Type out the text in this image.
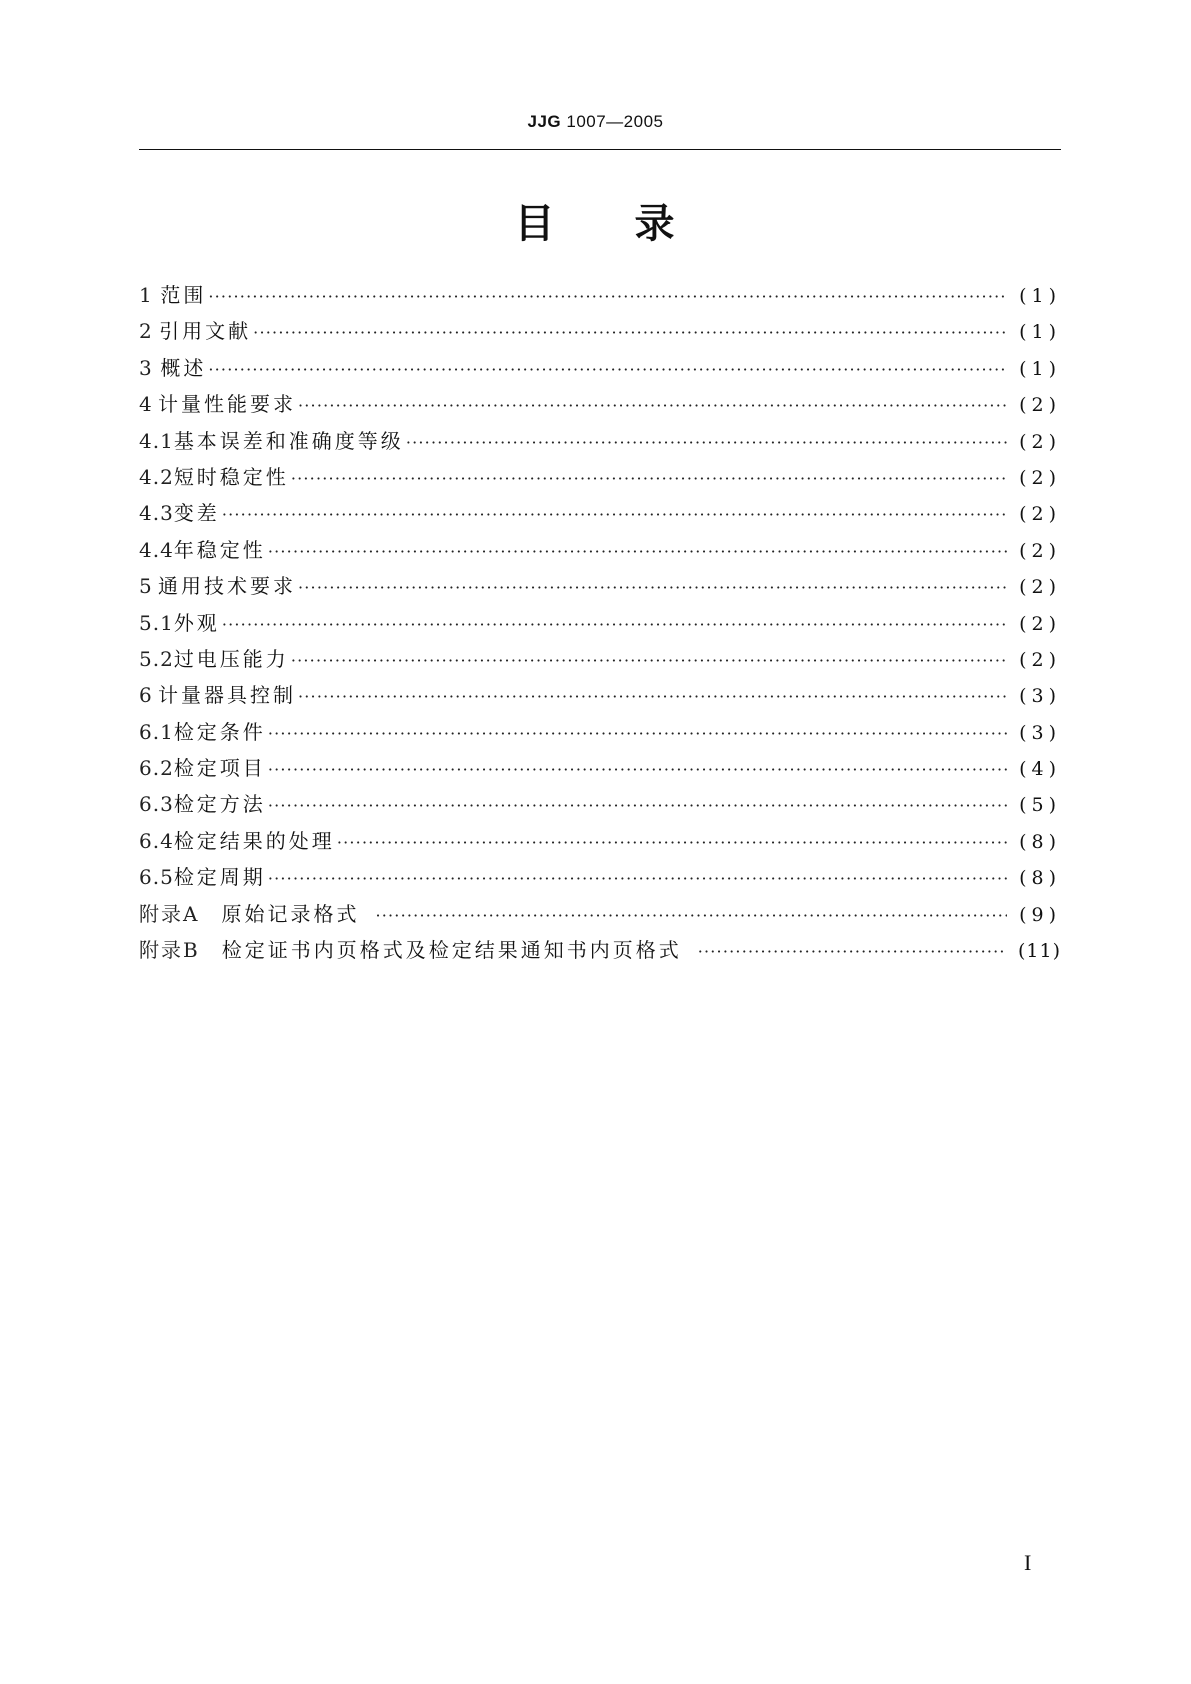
JJG 1007—2005
目 录
1 范围 ·····	(1)
2 引用文献 ·····	(1)
3 概述 ·····	(1)
4 计量性能要求 ·····	(2)
4.1 基本误差和准确度等级 ·····	(2)
4.2 短时稳定性 ·····	(2)
4.3 变差 ·····	(2)
4.4 年稳定性 ·····	(2)
5 通用技术要求 ·····	(2)
5.1 外观 ·····	(2)
5.2 过电压能力 ·····	(2)
6 计量器具控制 ·····	(3)
6.1 检定条件 ·····	(3)
6.2 检定项目 ·····	(4)
6.3 检定方法 ·····	(5)
6.4 检定结果的处理 ·····	(8)
6.5 检定周期 ·····	(8)
附录A 原始记录格式 ·····	(9)
附录B 检定证书内页格式及检定结果通知书内页格式 ·····	(11)
I
